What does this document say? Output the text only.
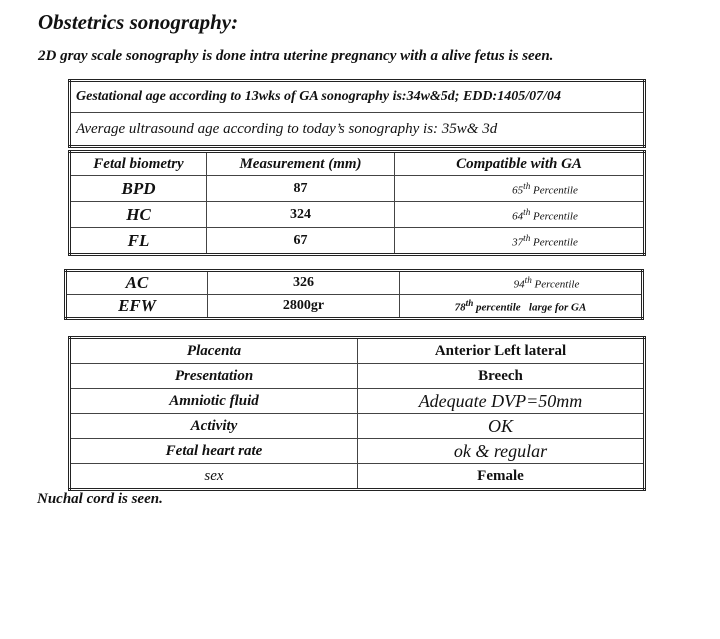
Obstetrics sonography:
2D gray scale sonography is done intra uterine pregnancy with a alive fetus is seen.
Gestational age according to 13wks of GA sonography is:34w&5d; EDD:1405/07/04
Average ultrasound age according to today’s sonography is: 35w& 3d
Fetal biometry	Measurement (mm)	Compatible with GA
BPD	87	65th Percentile
HC	324	64th Percentile
FL	67	37th Percentile
AC	326	94th Percentile
EFW	2800gr	78th percentile   large for GA
Placenta	Anterior Left lateral
Presentation	Breech
Amniotic fluid	Adequate DVP=50mm
Activity	OK
Fetal heart rate	ok & regular
sex	Female
Nuchal cord is seen.
